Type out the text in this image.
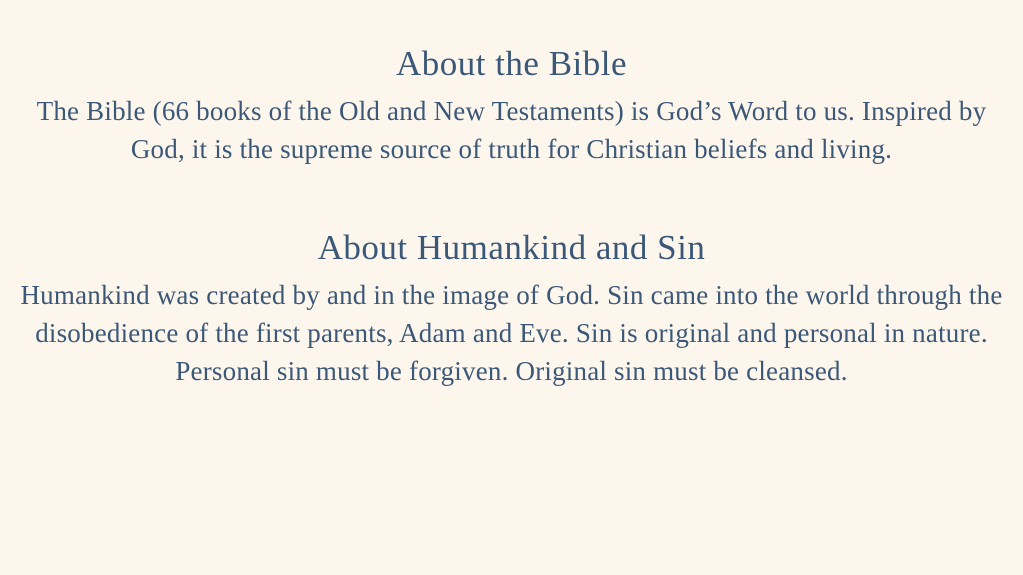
About the Bible

The Bible (66 books of the Old and New Testaments) is God’s Word to us. Inspired by God, it is the supreme source of truth for Christian beliefs and living.

About Humankind and Sin

Humankind was created by and in the image of God. Sin came into the world through the disobedience of the first parents, Adam and Eve. Sin is original and personal in nature. Personal sin must be forgiven. Original sin must be cleansed.
